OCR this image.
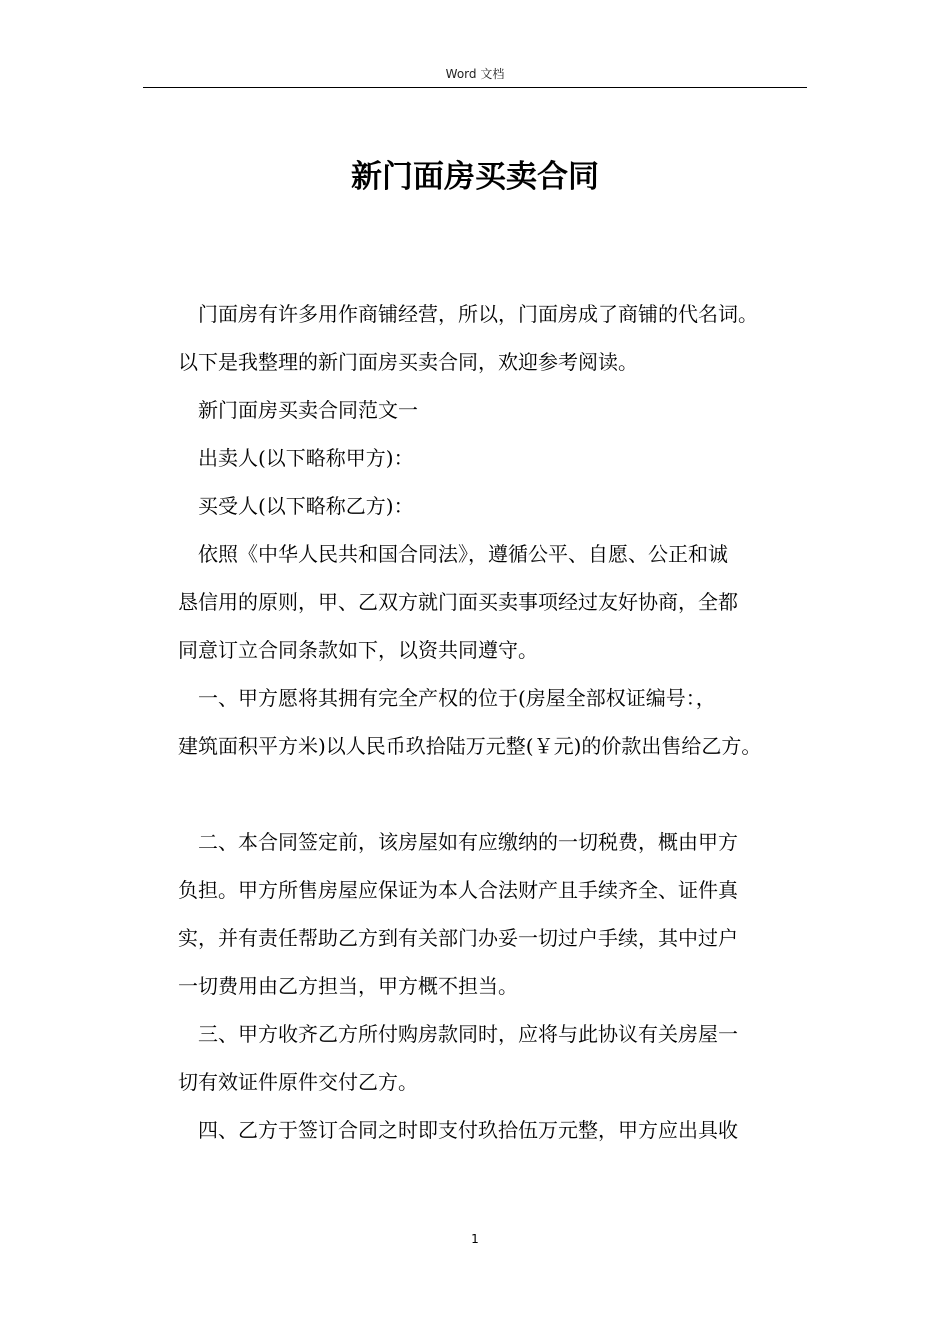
Word 文档
新门面房买卖合同

门面房有许多用作商铺经营，所以，门面房成了商铺的代名词。

以下是我整理的新门面房买卖合同，欢迎参考阅读。

新门面房买卖合同范文一

出卖人(以下略称甲方)：

买受人(以下略称乙方)：

依照《中华人民共和国合同法》，遵循公平、自愿、公正和诚

恳信用的原则，甲、乙双方就门面买卖事项经过友好协商，全都

同意订立合同条款如下，以资共同遵守。

一、甲方愿将其拥有完全产权的位于(房屋全部权证编号：，

建筑面积平方米)以人民币玖拾陆万元整(￥元)的价款出售给乙方。

二、本合同签定前，该房屋如有应缴纳的一切税费，概由甲方

负担。甲方所售房屋应保证为本人合法财产且手续齐全、证件真

实，并有责任帮助乙方到有关部门办妥一切过户手续，其中过户

一切费用由乙方担当，甲方概不担当。

三、甲方收齐乙方所付购房款同时，应将与此协议有关房屋一

切有效证件原件交付乙方。

四、乙方于签订合同之时即支付玖拾伍万元整，甲方应出具收

1
